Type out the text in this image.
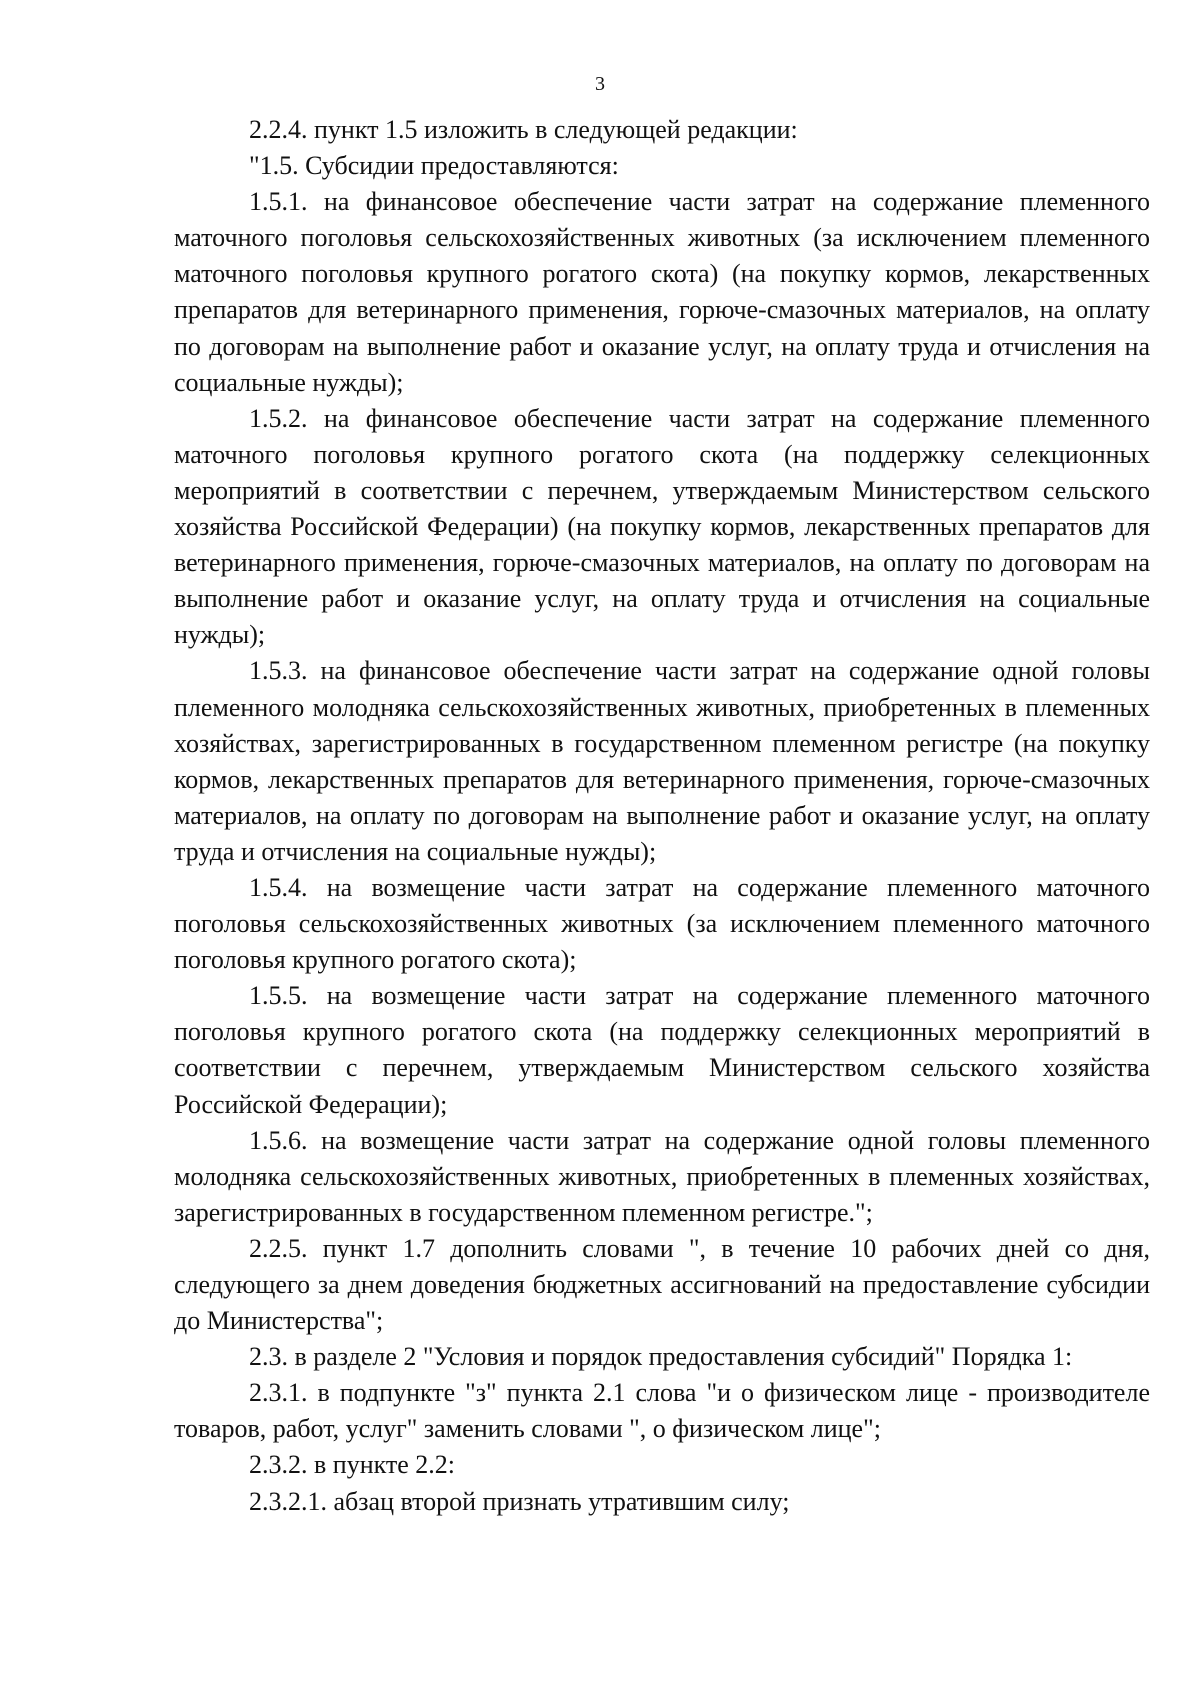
3

2.2.4. пункт 1.5 изложить в следующей редакции:

"1.5. Субсидии предоставляются:

1.5.1. на финансовое обеспечение части затрат на содержание племенного маточного поголовья сельскохозяйственных животных (за исключением племенного маточного поголовья крупного рогатого скота) (на покупку кормов, лекарственных препаратов для ветеринарного применения, горюче-смазочных материалов, на оплату по договорам на выполнение работ и оказание услуг, на оплату труда и отчисления на социальные нужды);

1.5.2. на финансовое обеспечение части затрат на содержание племенного маточного поголовья крупного рогатого скота (на поддержку селекционных мероприятий в соответствии с перечнем, утверждаемым Министерством сельского хозяйства Российской Федерации) (на покупку кормов, лекарственных препаратов для ветеринарного применения, горюче-смазочных материалов, на оплату по договорам на выполнение работ и оказание услуг, на оплату труда и отчисления на социальные нужды);

1.5.3. на финансовое обеспечение части затрат на содержание одной головы племенного молодняка сельскохозяйственных животных, приобретенных в племенных хозяйствах, зарегистрированных в государственном племенном регистре (на покупку кормов, лекарственных препаратов для ветеринарного применения, горюче-смазочных материалов, на оплату по договорам на выполнение работ и оказание услуг, на оплату труда и отчисления на социальные нужды);

1.5.4. на возмещение части затрат на содержание племенного маточного поголовья сельскохозяйственных животных (за исключением племенного маточного поголовья крупного рогатого скота);

1.5.5. на возмещение части затрат на содержание племенного маточного поголовья крупного рогатого скота (на поддержку селекционных мероприятий в соответствии с перечнем, утверждаемым Министерством сельского хозяйства Российской Федерации);

1.5.6. на возмещение части затрат на содержание одной головы племенного молодняка сельскохозяйственных животных, приобретенных в племенных хозяйствах, зарегистрированных в государственном племенном регистре.";

2.2.5. пункт 1.7 дополнить словами ", в течение 10 рабочих дней со дня, следующего за днем доведения бюджетных ассигнований на предоставление субсидии до Министерства";

2.3. в разделе 2 "Условия и порядок предоставления субсидий" Порядка 1:

2.3.1. в подпункте "з" пункта 2.1 слова "и о физическом лице - производителе товаров, работ, услуг" заменить словами ", о физическом лице";

2.3.2. в пункте 2.2:

2.3.2.1. абзац второй признать утратившим силу;
